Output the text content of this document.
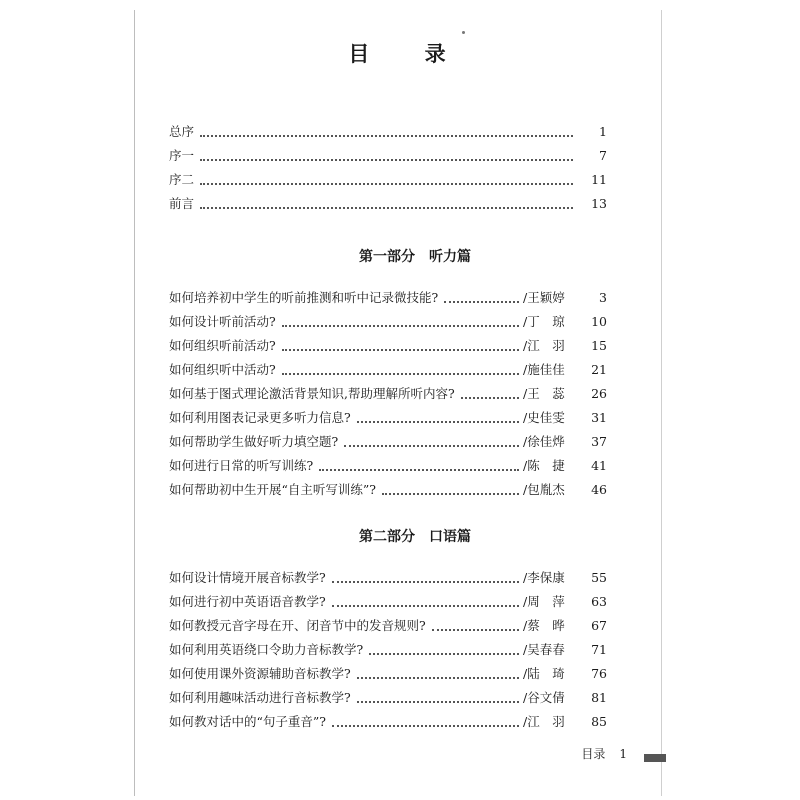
目 录
总序	1
序一	7
序二	11
前言	13
第一部分　听力篇
如何培养初中学生的听前推测和听中记录微技能?	/王颖婷	3
如何设计听前活动?	/丁　琼	10
如何组织听前活动?	/江　羽	15
如何组织听中活动?	/施佳佳	21
如何基于图式理论激活背景知识,帮助理解所听内容?	/王　蕊	26
如何利用图表记录更多听力信息?	/史佳雯	31
如何帮助学生做好听力填空题?	/徐佳烨	37
如何进行日常的听写训练?	/陈　捷	41
如何帮助初中生开展“自主听写训练”?	/包胤杰	46
第二部分　口语篇
如何设计情境开展音标教学?	/李保康	55
如何进行初中英语语音教学?	/周　萍	63
如何教授元音字母在开、闭音节中的发音规则?	/蔡　晔	67
如何利用英语绕口令助力音标教学?	/吴春春	71
如何使用课外资源辅助音标教学?	/陆　琦	76
如何利用趣味活动进行音标教学?	/谷文倩	81
如何教对话中的“句子重音”?	/江　羽	85
目录 1
